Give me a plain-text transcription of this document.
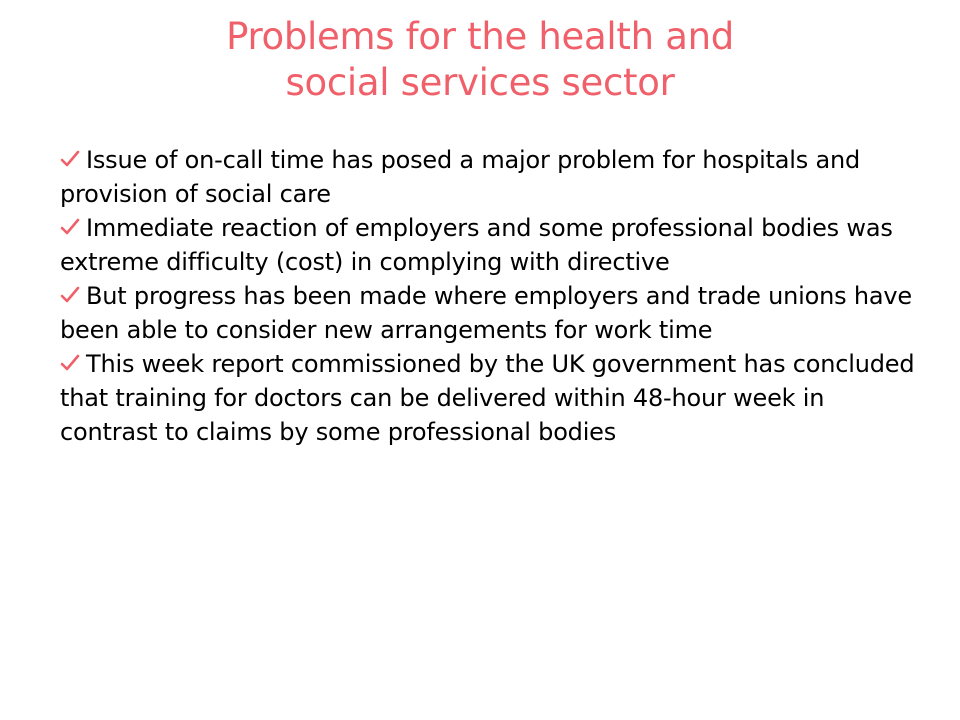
Problems for the health and
social services sector
Issue of on-call time has posed a major problem for hospitals and provision of social care
Immediate reaction of employers and some professional bodies was extreme difficulty (cost) in complying with directive
But progress has been made where employers and trade unions have been able to consider new arrangements for work time
This week report commissioned by the UK government has concluded that training for doctors can be delivered within 48-hour week in contrast to claims by some professional bodies
